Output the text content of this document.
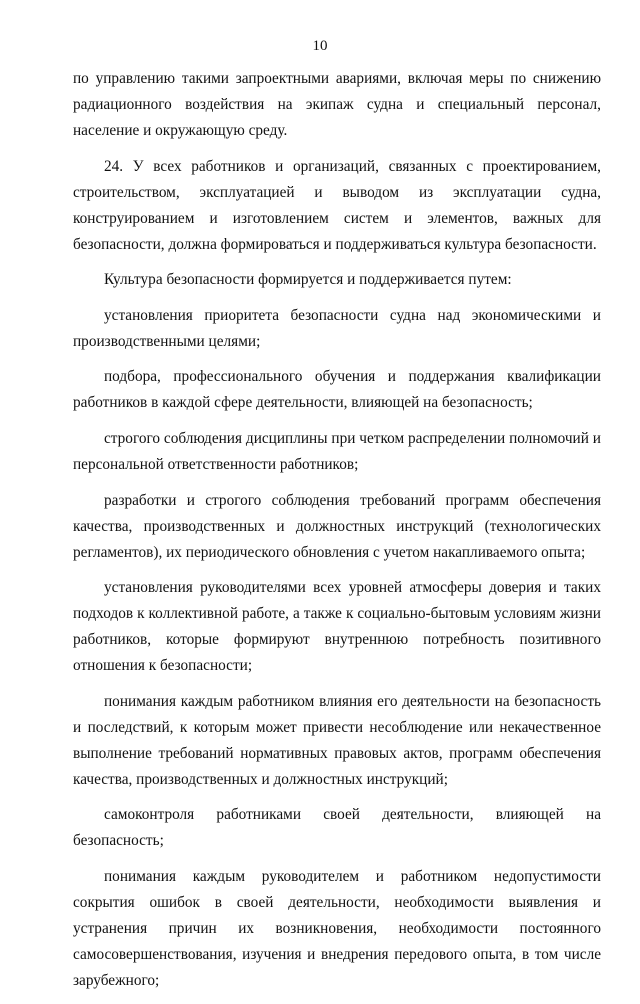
10

по управлению такими запроектными авариями, включая меры по снижению радиационного воздействия на экипаж судна и специальный персонал, население и окружающую среду.

24. У всех работников и организаций, связанных с проектированием, строительством, эксплуатацией и выводом из эксплуатации судна, конструированием и изготовлением систем и элементов, важных для безопасности, должна формироваться и поддерживаться культура безопасности.

Культура безопасности формируется и поддерживается путем:

установления приоритета безопасности судна над экономическими и производственными целями;

подбора, профессионального обучения и поддержания квалификации работников в каждой сфере деятельности, влияющей на безопасность;

строгого соблюдения дисциплины при четком распределении полномочий и персональной ответственности работников;

разработки и строгого соблюдения требований программ обеспечения качества, производственных и должностных инструкций (технологических регламентов), их периодического обновления с учетом накапливаемого опыта;

установления руководителями всех уровней атмосферы доверия и таких подходов к коллективной работе, а также к социально-бытовым условиям жизни работников, которые формируют внутреннюю потребность позитивного отношения к безопасности;

понимания каждым работником влияния его деятельности на безопасность и последствий, к которым может привести несоблюдение или некачественное выполнение требований нормативных правовых актов, программ обеспечения качества, производственных и должностных инструкций;

самоконтроля работниками своей деятельности, влияющей на безопасность;

понимания каждым руководителем и работником недопустимости сокрытия ошибок в своей деятельности, необходимости выявления и устранения причин их возникновения, необходимости постоянного самосовершенствования, изучения и внедрения передового опыта, в том числе зарубежного;
